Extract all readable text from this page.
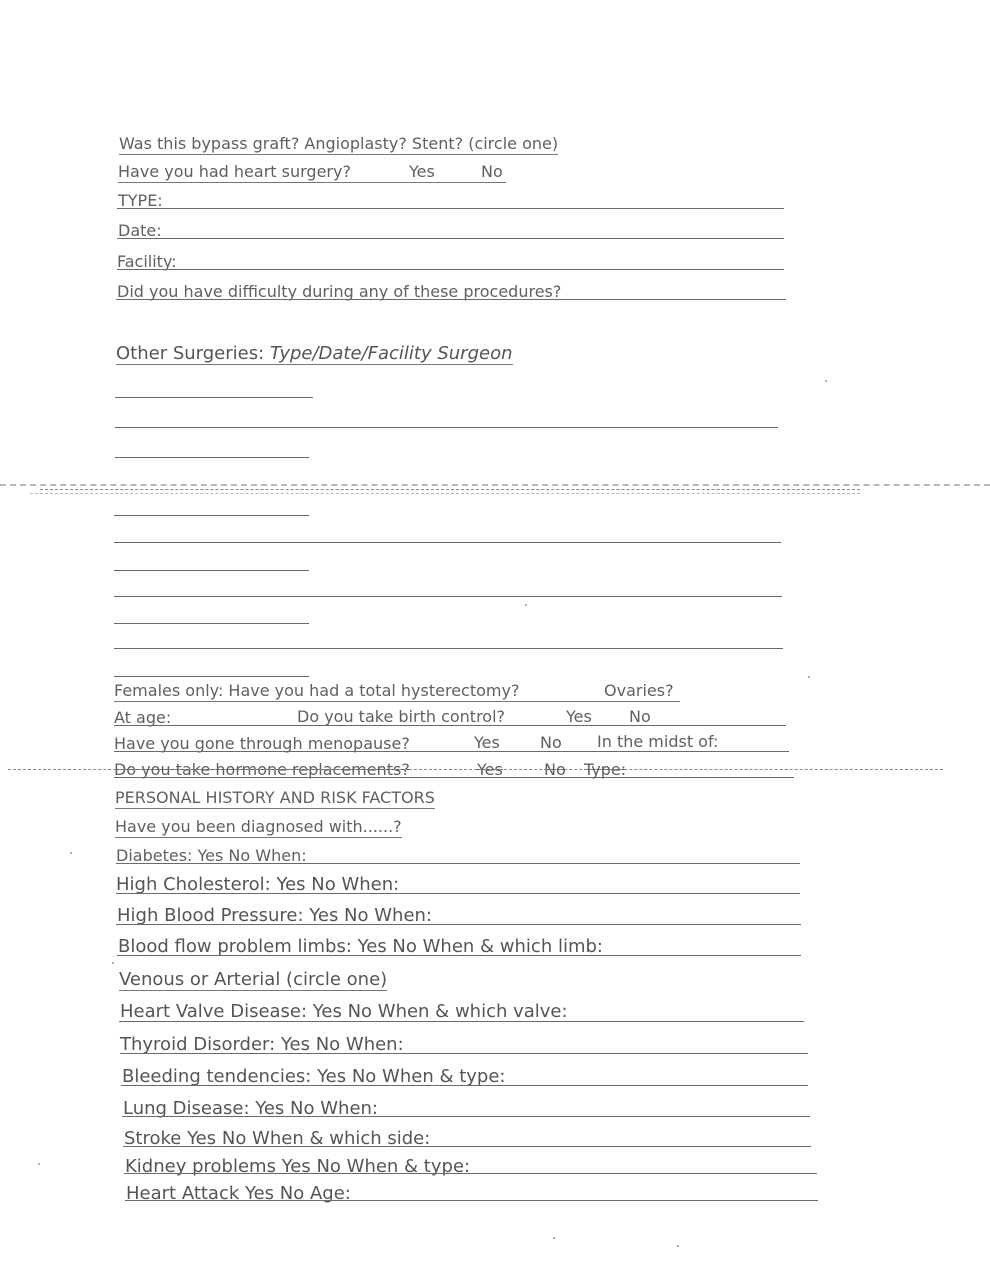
Was this bypass graft? Angioplasty? Stent? (circle one)
Have you had heart surgery?	Yes	No
TYPE:
Date:
Facility:
Did you have difficulty during any of these procedures?
Other Surgeries: Type/Date/Facility Surgeon
Females only: Have you had a total hysterectomy?	Ovaries?
At age:	Do you take birth control?	Yes No
Have you gone through menopause?	Yes	No In the midst of:
Do you take hormone replacements?	Yes	No Type:
PERSONAL HISTORY AND RISK FACTORS
Have you been diagnosed with......?
Diabetes: Yes No When:
High Cholesterol: Yes No When:
High Blood Pressure: Yes No When:
Blood flow problem limbs: Yes No When & which limb:
Venous or Arterial (circle one)
Heart Valve Disease: Yes No When & which valve:
Thyroid Disorder: Yes No When:
Bleeding tendencies: Yes No When & type:
Lung Disease: Yes No When:
Stroke Yes No When & which side:
Kidney problems Yes No When & type:
Heart Attack Yes No Age:
